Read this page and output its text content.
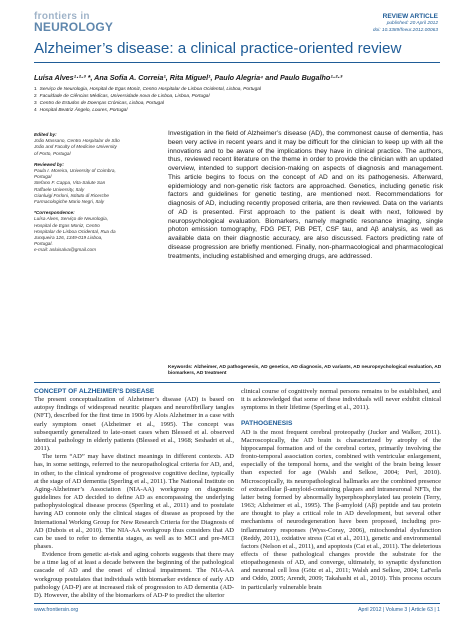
frontiers in
NEUROLOGY
REVIEW ARTICLE
published: 20 April 2012
doi: 10.3389/fneur.2012.00063
Alzheimer’s disease: a clinical practice-oriented review
Luísa Alves¹·²·³ *, Ana Sofia A. Correia¹, Rita Miguel¹, Paulo Alegria⁴ and Paulo Bugalho¹·²·³
1 Serviço de Neurologia, Hospital de Egas Moniz, Centro Hospitalar de Lisboa Ocidental, Lisboa, Portugal
2 Faculdade de Ciências Médicas, Universidade nova de Lisboa, Lisboa, Portugal
3 Centro de Estudos de Doenças Crónicas, Lisboa, Portugal
4 Hospital Beatriz Ângelo, Loures, Portugal
Edited by:
João Massano, Centro Hospitalar de São João and Faculty of Medicine University of Porto, Portugal
Reviewed by:
Paula I. Moreira, University of Coimbra, Portugal
Stefano F. Cappa, Vita-Salute San Raffaele University, Italy
Gianluigi Forloni, Istituto di Ricerche Farmacologiche Mario Negri, Italy
*Correspondence:
Luísa Alves, Serviço de Neurologia, Hospital de Egas Moniz, Centro Hospitalar de Lisboa Ocidental, Rua da Junqueira 126, 1349-019 Lisboa, Portugal.
e-mail: asluisalva@gmail.com
Investigation in the field of Alzheimer’s disease (AD), the commonest cause of dementia, has been very active in recent years and it may be difficult for the clinician to keep up with all the innovations and to be aware of the implications they have in clinical practice. The authors, thus, reviewed recent literature on the theme in order to provide the clinician with an updated overview, intended to support decision-making on aspects of diagnosis and management. This article begins to focus on the concept of AD and on its pathogenesis. Afterward, epidemiology and non-genetic risk factors are approached. Genetics, including genetic risk factors and guidelines for genetic testing, are mentioned next. Recommendations for diagnosis of AD, including recently proposed criteria, are then reviewed. Data on the variants of AD is presented. First approach to the patient is dealt with next, followed by neuropsychological evaluation. Biomarkers, namely magnetic resonance imaging, single photon emission tomography, FDG PET, PiB PET, CSF tau, and Aβ analysis, as well as available data on their diagnostic accuracy, are also discussed. Factors predicting rate of disease progression are briefly mentioned. Finally, non-pharmacological and pharmacological treatments, including established and emerging drugs, are addressed.
Keywords: Alzheimer, AD pathogenesis, AD genetics, AD diagnosis, AD variants, AD neuropsychological evaluation, AD biomarkers, AD treatment
CONCEPT OF ALZHEIMER’S DISEASE

The present conceptualization of Alzheimer’s disease (AD) is based on autopsy findings of widespread neuritic plaques and neurofibrillary tangles (NFT), described for the first time in 1906 by Alois Alzheimer in a case with early symptom onset (Alzheimer et al., 1995). The concept was subsequently generalized to late-onset cases when Blessed et al. observed identical pathology in elderly patients (Blessed et al., 1968; Seshadri et al., 2011).

The term “AD” may have distinct meanings in different contexts. AD has, in some settings, referred to the neuropathological criteria for AD, and, in other, to the clinical syndrome of progressive cognitive decline, typically at the stage of AD dementia (Sperling et al., 2011). The National Institute on Aging-Alzheimer’s Association (NIA-AA) workgroup on diagnostic guidelines for AD decided to define AD as encompassing the underlying pathophysiological disease process (Sperling et al., 2011) and to postulate having AD connote only the clinical stages of disease as proposed by the International Working Group for New Research Criteria for the Diagnosis of AD (Dubois et al., 2010). The NIA-AA workgroup thus considers that AD can be used to refer to dementia stages, as well as to MCI and pre-MCI phases.

Evidence from genetic at-risk and aging cohorts suggests that there may be a time lag of at least a decade between the beginning of the pathological cascade of AD and the onset of clinical impairment. The NIA-AA workgroup postulates that individuals with biomarker evidence of early AD pathology (AD-P) are at increased risk of progression to AD dementia (AD-D). However, the ability of the biomarkers of AD-P to predict the ulterior

clinical course of cognitively normal persons remains to be established, and it is acknowledged that some of these individuals will never exhibit clinical symptoms in their lifetime (Sperling et al., 2011).

PATHOGENESIS

AD is the most frequent cerebral proteopathy (Jucker and Walker, 2011). Macroscopically, the AD brain is characterized by atrophy of the hippocampal formation and of the cerebral cortex, primarily involving the fronto-temporal association cortex, combined with ventricular enlargement, especially of the temporal horns, and the weight of the brain being lesser than expected for age (Walsh and Selkoe, 2004; Perl, 2010). Microscopically, its neuropathological hallmarks are the combined presence of extracellular β-amyloid-containing plaques and intraneuronal NFTs, the latter being formed by abnormally hyperphosphorylated tau protein (Terry, 1963; Alzheimer et al., 1995). The β-amyloid (Aβ) peptide and tau protein are thought to play a critical role in AD development, but several other mechanisms of neurodegeneration have been proposed, including pro-inflammatory responses (Wyss-Coray, 2006), mitochondrial dysfunction (Reddy, 2011), oxidative stress (Cai et al., 2011), genetic and environmental factors (Nelson et al., 2011), and apoptosis (Cai et al., 2011). The deleterious effects of these pathological changes provide the substrate for the etiopathogenesis of AD, and converge, ultimately, to synaptic dysfunction and neuronal cell loss (Götz et al., 2011; Walsh and Selkoe, 2004; LaFerla and Oddo, 2005; Arendt, 2009; Takahashi et al., 2010). This process occurs in particularly vulnerable brain

www.frontiersin.org	April 2012 | Volume 3 | Article 63 | 1
